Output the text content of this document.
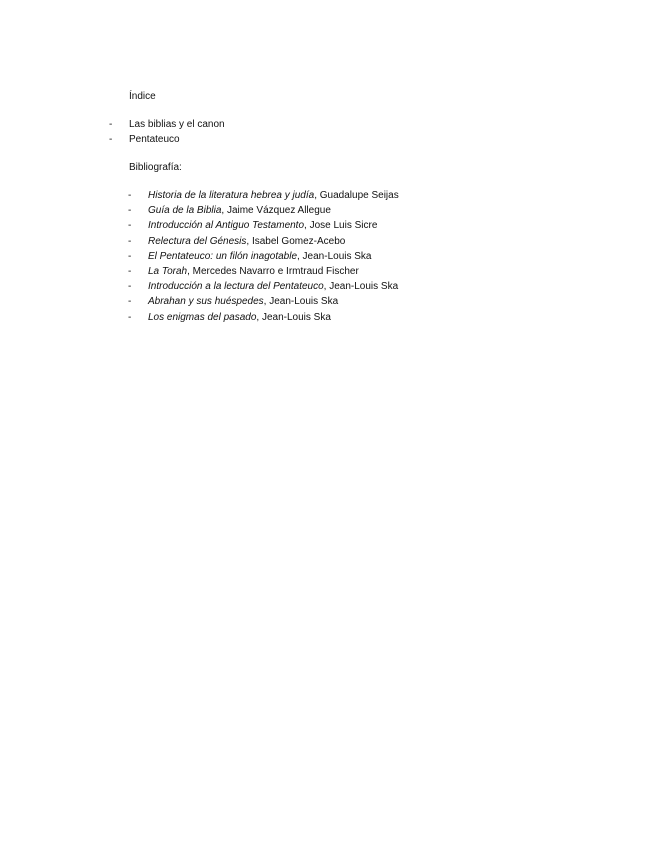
Índice
- Las biblias y el canon
- Pentateuco
Bibliografía:
- Historia de la literatura hebrea y judía, Guadalupe Seijas
- Guía de la Biblia, Jaime Vázquez Allegue
- Introducción al Antiguo Testamento, Jose Luis Sicre
- Relectura del Génesis, Isabel Gomez-Acebo
- El Pentateuco: un filón inagotable, Jean-Louis Ska
- La Torah, Mercedes Navarro e Irmtraud Fischer
- Introducción a la lectura del Pentateuco, Jean-Louis Ska
- Abrahan y sus huéspedes, Jean-Louis Ska
- Los enigmas del pasado, Jean-Louis Ska
